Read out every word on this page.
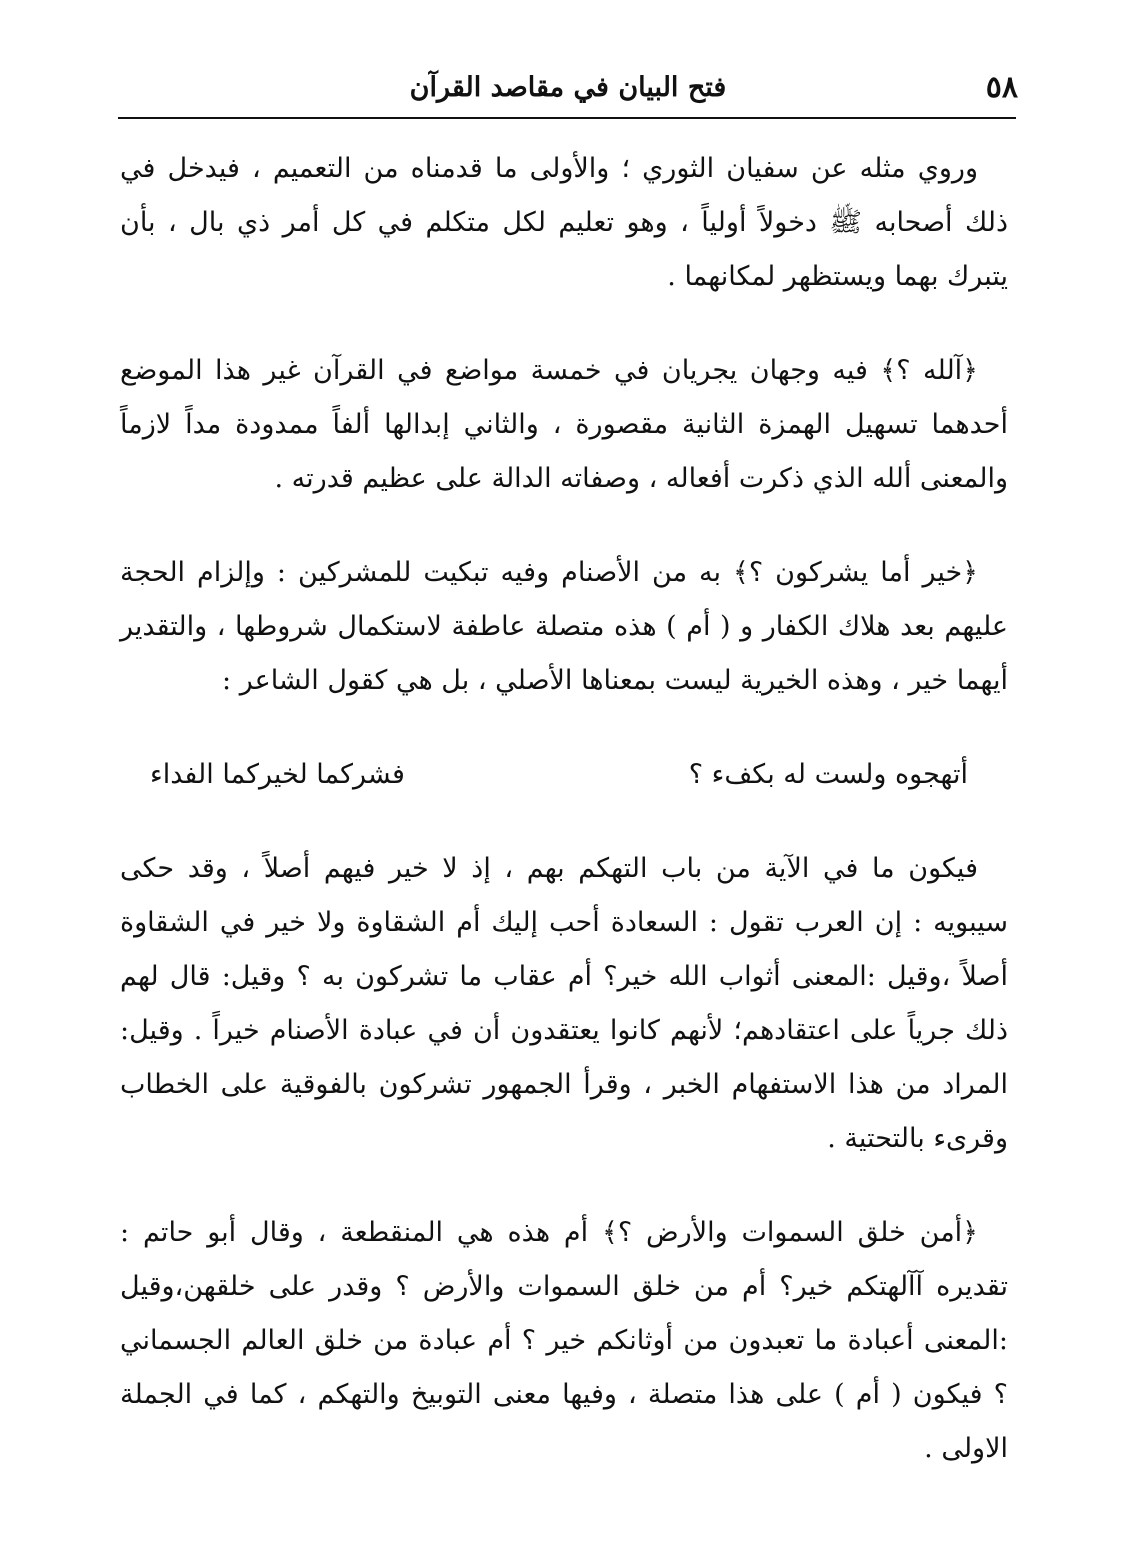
٥٨
فتح البيان في مقاصد القرآن

وروي مثله عن سفيان الثوري ؛ والأولى ما قدمناه من التعميم ، فيدخل في ذلك أصحابه ﷺ دخولاً أولياً ، وهو تعليم لكل متكلم في كل أمر ذي بال ، بأن يتبرك بهما ويستظهر لمكانهما .

﴿آلله ؟﴾ فيه وجهان يجريان في خمسة مواضع في القرآن غير هذا الموضع أحدهما تسهيل الهمزة الثانية مقصورة ، والثاني إبدالها ألفاً ممدودة مداً لازماً والمعنى ألله الذي ذكرت أفعاله ، وصفاته الدالة على عظيم قدرته .

﴿خير أما يشركون ؟﴾ به من الأصنام وفيه تبكيت للمشركين : وإلزام الحجة عليهم بعد هلاك الكفار و ( أم ) هذه متصلة عاطفة لاستكمال شروطها ، والتقدير أيهما خير ، وهذه الخيرية ليست بمعناها الأصلي ، بل هي كقول الشاعر :

أتهجوه ولست له بكفء ؟
فشركما لخيركما الفداء

فيكون ما في الآية من باب التهكم بهم ، إذ لا خير فيهم أصلاً ، وقد حكى سيبويه : إن العرب تقول : السعادة أحب إليك أم الشقاوة ولا خير في الشقاوة أصلاً ،وقيل :المعنى أثواب الله خير؟ أم عقاب ما تشركون به ؟ وقيل: قال لهم ذلك جرياً على اعتقادهم؛ لأنهم كانوا يعتقدون أن في عبادة الأصنام خيراً . وقيل: المراد من هذا الاستفهام الخبر ، وقرأ الجمهور تشركون بالفوقية على الخطاب وقرىء بالتحتية .

﴿أمن خلق السموات والأرض ؟﴾ أم هذه هي المنقطعة ، وقال أبو حاتم : تقديره آآلهتكم خير؟ أم من خلق السموات والأرض ؟ وقدر على خلقهن،وقيل :المعنى أعبادة ما تعبدون من أوثانكم خير ؟ أم عبادة من خلق العالم الجسماني ؟ فيكون ( أم ) على هذا متصلة ، وفيها معنى التوبيخ والتهكم ، كما في الجملة الاولى .
